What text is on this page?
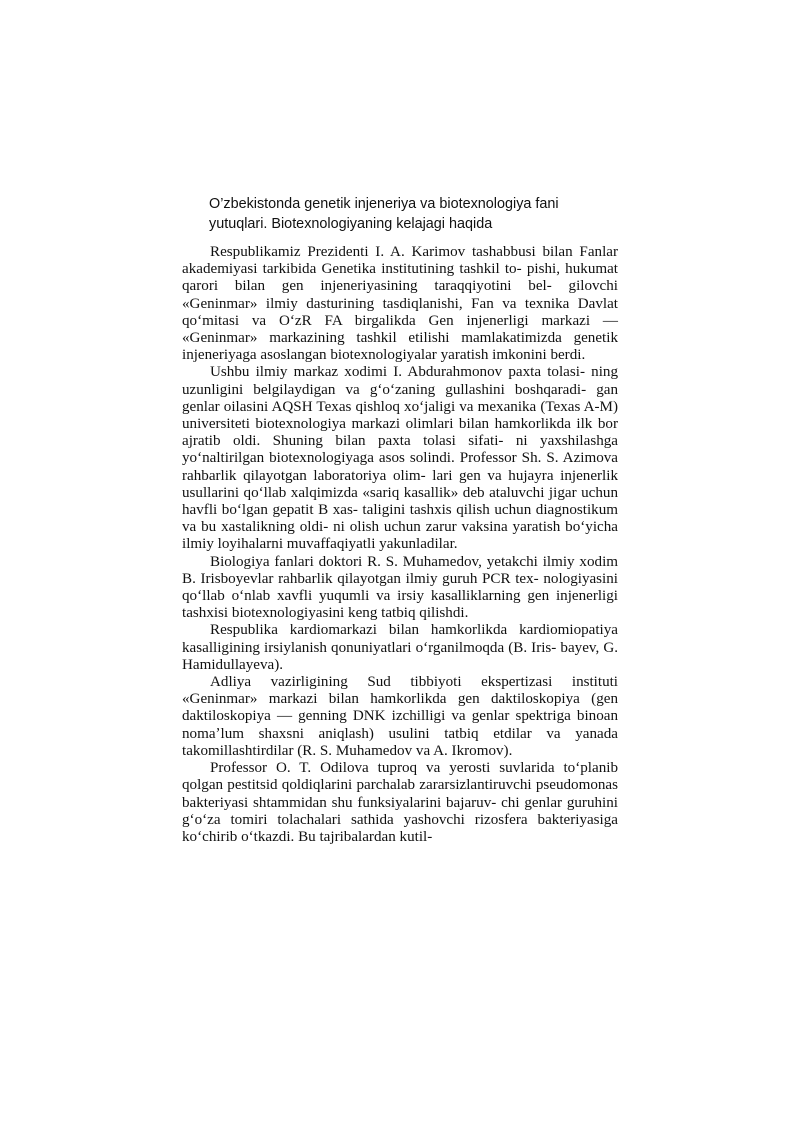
O’zbekistonda genetik injeneriya va biotexnologiya fani
yutuqlari. Biotexnologiyaning kelajagi haqida

Respublikamiz Prezidenti I. A. Karimov tashabbusi bilan Fanlar akademiyasi tarkibida Genetika institutining tashkil to- pishi, hukumat qarori bilan gen injeneriyasining taraqqiyotini bel- gilovchi «Geninmar» ilmiy dasturining tasdiqlanishi, Fan va texnika Davlat qoʻmitasi va OʻzR FA birgalikda Gen injenerligi markazi — «Geninmar» markazining tashkil etilishi mamlakatimizda genetik injeneriyaga asoslangan biotexnologiyalar yaratish imkonini berdi.

Ushbu ilmiy markaz xodimi I. Abdurahmonov paxta tolasi- ning uzunligini belgilaydigan va gʻoʻzaning gullashini boshqaradi- gan genlar oilasini AQSH Texas qishloq xoʻjaligi va mexanika (Texas A-M) universiteti biotexnologiya markazi olimlari bilan hamkorlikda ilk bor ajratib oldi. Shuning bilan paxta tolasi sifati- ni yaxshilashga yoʻnaltirilgan biotexnologiyaga asos solindi. Professor Sh. S. Azimova rahbarlik qilayotgan laboratoriya olim- lari gen va hujayra injenerlik usullarini qoʻllab xalqimizda «sariq kasallik» deb ataluvchi jigar uchun havfli boʻlgan gepatit B xas- taligini tashxis qilish uchun diagnostikum va bu xastalikning oldi- ni olish uchun zarur vaksina yaratish boʻyicha ilmiy loyihalarni muvaffaqiyatli yakunladilar.

Biologiya fanlari doktori R. S. Muhamedov, yetakchi ilmiy xodim B. Irisboyevlar rahbarlik qilayotgan ilmiy guruh PCR tex- nologiyasini qoʻllab oʻnlab xavfli yuqumli va irsiy kasalliklarning gen injenerligi tashxisi biotexnologiyasini keng tatbiq qilishdi.

Respublika kardiomarkazi bilan hamkorlikda kardiomiopatiya kasalligining irsiylanish qonuniyatlari oʻrganilmoqda (B. Iris- bayev, G. Hamidullayeva).

Adliya vazirligining Sud tibbiyoti ekspertizasi instituti «Geninmar» markazi bilan hamkorlikda gen daktiloskopiya (gen daktiloskopiya — genning DNK izchilligi va genlar spektriga binoan nomaʼlum shaxsni aniqlash) usulini tatbiq etdilar va yanada takomillashtirdilar (R. S. Muhamedov va A. Ikromov).

Professor O. T. Odilova tuproq va yerosti suvlarida toʻplanib qolgan pestitsid qoldiqlarini parchalab zararsizlantiruvchi pseudomonas bakteriyasi shtammidan shu funksiyalarini bajaruv- chi genlar guruhini gʻoʻza tomiri tolachalari sathida yashovchi rizosfera bakteriyasiga koʻchirib oʻtkazdi. Bu tajribalardan kutil-
